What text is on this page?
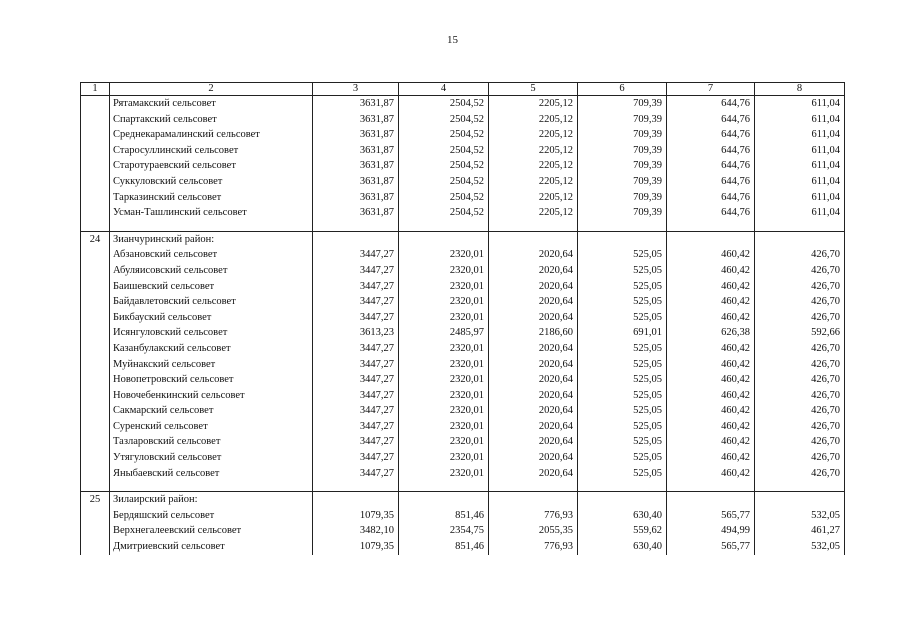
15
1	2	3	4	5	6	7	8
	Рятамакский сельсовет	3631,87	2504,52	2205,12	709,39	644,76	611,04
	Спартакский сельсовет	3631,87	2504,52	2205,12	709,39	644,76	611,04
	Среднекарамалинский сельсовет	3631,87	2504,52	2205,12	709,39	644,76	611,04
	Старосуллинский сельсовет	3631,87	2504,52	2205,12	709,39	644,76	611,04
	Старотураевский сельсовет	3631,87	2504,52	2205,12	709,39	644,76	611,04
	Суккуловский сельсовет	3631,87	2504,52	2205,12	709,39	644,76	611,04
	Тарказинский сельсовет	3631,87	2504,52	2205,12	709,39	644,76	611,04
	Усман-Ташлинский сельсовет	3631,87	2504,52	2205,12	709,39	644,76	611,04

24	Зианчуринский район:						
	Абзановский сельсовет	3447,27	2320,01	2020,64	525,05	460,42	426,70
	Абуляисовский сельсовет	3447,27	2320,01	2020,64	525,05	460,42	426,70
	Баишевский сельсовет	3447,27	2320,01	2020,64	525,05	460,42	426,70
	Байдавлетовский сельсовет	3447,27	2320,01	2020,64	525,05	460,42	426,70
	Бикбауский сельсовет	3447,27	2320,01	2020,64	525,05	460,42	426,70
	Исянгуловский сельсовет	3613,23	2485,97	2186,60	691,01	626,38	592,66
	Казанбулакский сельсовет	3447,27	2320,01	2020,64	525,05	460,42	426,70
	Муйнакский сельсовет	3447,27	2320,01	2020,64	525,05	460,42	426,70
	Новопетровский сельсовет	3447,27	2320,01	2020,64	525,05	460,42	426,70
	Новочебенкинский сельсовет	3447,27	2320,01	2020,64	525,05	460,42	426,70
	Сакмарский сельсовет	3447,27	2320,01	2020,64	525,05	460,42	426,70
	Суренский сельсовет	3447,27	2320,01	2020,64	525,05	460,42	426,70
	Тазларовский сельсовет	3447,27	2320,01	2020,64	525,05	460,42	426,70
	Утягуловский сельсовет	3447,27	2320,01	2020,64	525,05	460,42	426,70
	Яныбаевский сельсовет	3447,27	2320,01	2020,64	525,05	460,42	426,70

25	Зилаирский район:						
	Бердяшский сельсовет	1079,35	851,46	776,93	630,40	565,77	532,05
	Верхнегалеевский сельсовет	3482,10	2354,75	2055,35	559,62	494,99	461,27
	Дмитриевский сельсовет	1079,35	851,46	776,93	630,40	565,77	532,05
